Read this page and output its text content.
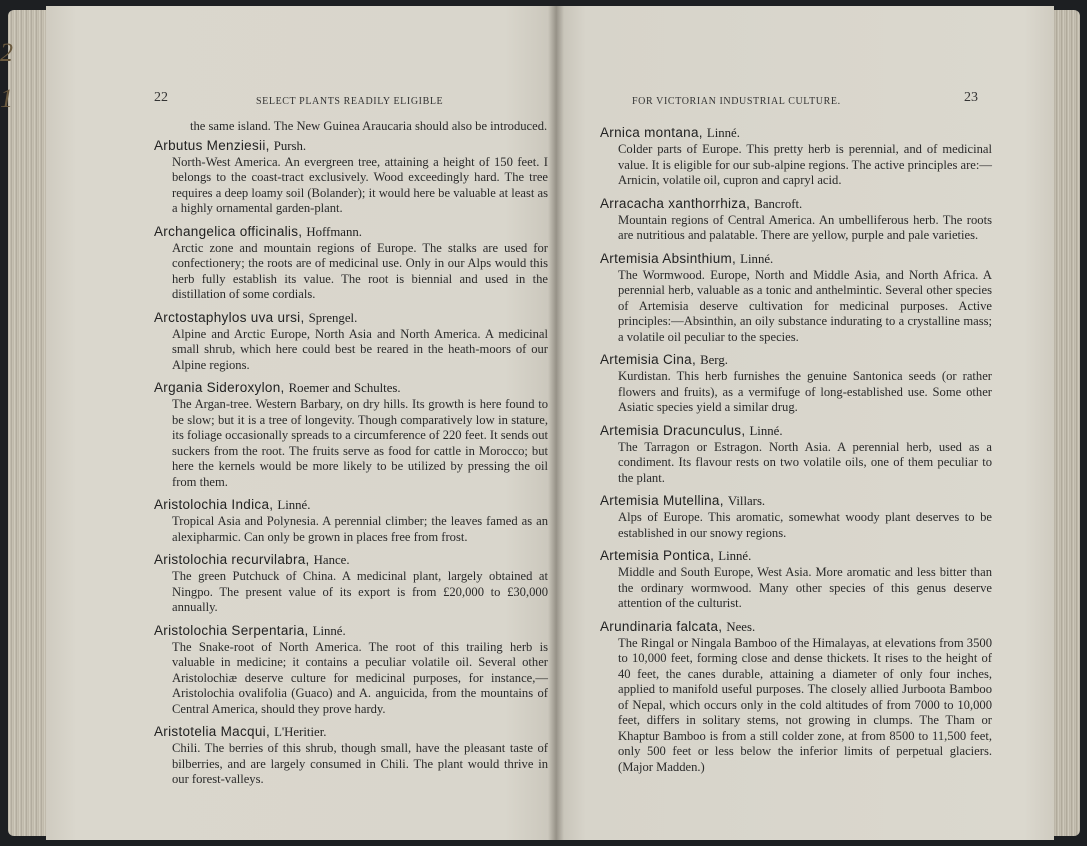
22	SELECT PLANTS READILY ELIGIBLE
the same island. The New Guinea Araucaria should also be introduced.
Arbutus Menziesii, Pursh.
North-West America. An evergreen tree, attaining a height of 150 feet. I belongs to the coast-tract exclusively. Wood exceedingly hard. The tree requires a deep loamy soil (Bolander); it would here be valuable at least as a highly ornamental garden-plant.
Archangelica officinalis, Hoffmann.
Arctic zone and mountain regions of Europe. The stalks are used for confectionery; the roots are of medicinal use. Only in our Alps would this herb fully establish its value. The root is biennial and used in the distillation of some cordials.
Arctostaphylos uva ursi, Sprengel.
Alpine and Arctic Europe, North Asia and North America. A medicinal small shrub, which here could best be reared in the heath-moors of our Alpine regions.
Argania Sideroxylon, Roemer and Schultes.
The Argan-tree. Western Barbary, on dry hills. Its growth is here found to be slow; but it is a tree of longevity. Though comparatively low in stature, its foliage occasionally spreads to a circumference of 220 feet. It sends out suckers from the root. The fruits serve as food for cattle in Morocco; but here the kernels would be more likely to be utilized by pressing the oil from them.
Aristolochia Indica, Linné.
Tropical Asia and Polynesia. A perennial climber; the leaves famed as an alexipharmic. Can only be grown in places free from frost.
Aristolochia recurvilabra, Hance.
The green Putchuck of China. A medicinal plant, largely obtained at Ningpo. The present value of its export is from £20,000 to £30,000 annually.
Aristolochia Serpentaria, Linné.
The Snake-root of North America. The root of this trailing herb is valuable in medicine; it contains a peculiar volatile oil. Several other Aristolochiæ deserve culture for medicinal purposes, for instance,—Aristolochia ovalifolia (Guaco) and A. anguicida, from the mountains of Central America, should they prove hardy.
Aristotelia Macqui, L'Heritier.
Chili. The berries of this shrub, though small, have the pleasant taste of bilberries, and are largely consumed in Chili. The plant would thrive in our forest-valleys.
FOR VICTORIAN INDUSTRIAL CULTURE.	23
Arnica montana, Linné.
Colder parts of Europe. This pretty herb is perennial, and of medicinal value. It is eligible for our sub-alpine regions. The active principles are:—Arnicin, volatile oil, cupron and capryl acid.
Arracacha xanthorrhiza, Bancroft.
Mountain regions of Central America. An umbelliferous herb. The roots are nutritious and palatable. There are yellow, purple and pale varieties.
Artemisia Absinthium, Linné.
The Wormwood. Europe, North and Middle Asia, and North Africa. A perennial herb, valuable as a tonic and anthelmintic. Several other species of Artemisia deserve cultivation for medicinal purposes. Active principles:—Absinthin, an oily substance indurating to a crystalline mass; a volatile oil peculiar to the species.
Artemisia Cina, Berg.
Kurdistan. This herb furnishes the genuine Santonica seeds (or rather flowers and fruits), as a vermifuge of long-established use. Some other Asiatic species yield a similar drug.
Artemisia Dracunculus, Linné.
The Tarragon or Estragon. North Asia. A perennial herb, used as a condiment. Its flavour rests on two volatile oils, one of them peculiar to the plant.
Artemisia Mutellina, Villars.
Alps of Europe. This aromatic, somewhat woody plant deserves to be established in our snowy regions.
Artemisia Pontica, Linné.
Middle and South Europe, West Asia. More aromatic and less bitter than the ordinary wormwood. Many other species of this genus deserve attention of the culturist.
Arundinaria falcata, Nees.
The Ringal or Ningala Bamboo of the Himalayas, at elevations from 3500 to 10,000 feet, forming close and dense thickets. It rises to the height of 40 feet, the canes durable, attaining a diameter of only four inches, applied to manifold useful purposes. The closely allied Jurboota Bamboo of Nepal, which occurs only in the cold altitudes of from 7000 to 10,000 feet, differs in solitary stems, not growing in clumps. The Tham or Khaptur Bamboo is from a still colder zone, at from 8500 to 11,500 feet, only 500 feet or less below the inferior limits of perpetual glaciers. (Major Madden.)
2
1
